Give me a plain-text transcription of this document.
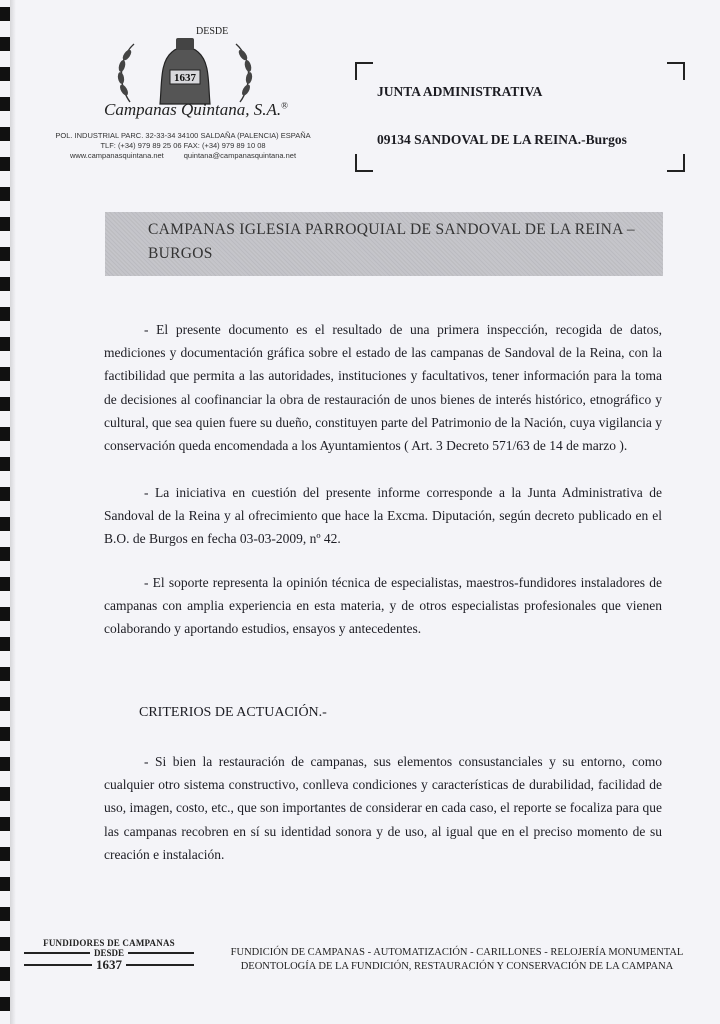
1637
DESDE
Campanas Quintana, S.A.®
POL. INDUSTRIAL PARC. 32-33-34 34100 SALDAÑA (PALENCIA) ESPAÑA
TLF: (+34) 979 89 25 06 FAX: (+34) 979 89 10 08
www.campanasquintana.net	quintana@campanasquintana.net
JUNTA ADMINISTRATIVA
09134 SANDOVAL DE LA REINA.-Burgos
CAMPANAS IGLESIA PARROQUIAL DE SANDOVAL DE LA REINA – BURGOS

- El presente documento es el resultado de una primera inspección, recogida de datos, mediciones y documentación gráfica sobre el estado de las campanas de Sandoval de la Reina, con la factibilidad que permita a las autoridades, instituciones y facultativos, tener información para la toma de decisiones al coofinanciar la obra de restauración de unos bienes de interés histórico, etnográfico y cultural, que sea quien fuere su dueño, constituyen parte del Patrimonio de la Nación, cuya vigilancia y conservación queda encomendada a los Ayuntamientos ( Art. 3 Decreto 571/63 de 14 de marzo ).

- La iniciativa en cuestión del presente informe corresponde a la Junta Administrativa de Sandoval de la Reina y al ofrecimiento que hace la Excma. Diputación, según decreto publicado en el B.O. de Burgos en fecha 03-03-2009, nº 42.

- El soporte representa la opinión técnica de especialistas, maestros-fundidores instaladores de campanas con amplia experiencia en esta materia, y de otros especialistas profesionales que vienen colaborando y aportando estudios, ensayos y antecedentes.

CRITERIOS DE ACTUACIÓN.-

- Si bien la restauración de campanas, sus elementos consustanciales y su entorno, como cualquier otro sistema constructivo, conlleva condiciones y características de durabilidad, facilidad de uso, imagen, costo, etc., que son importantes de considerar en cada caso, el reporte se focaliza para que las campanas recobren en sí su identidad sonora y de uso, al igual que en el preciso momento de su creación e instalación.

FUNDIDORES DE CAMPANAS
DESDE
1637
FUNDICIÓN DE CAMPANAS - AUTOMATIZACIÓN - CARILLONES - RELOJERÍA MONUMENTAL
DEONTOLOGÍA DE LA FUNDICIÓN, RESTAURACIÓN Y CONSERVACIÓN DE LA CAMPANA
